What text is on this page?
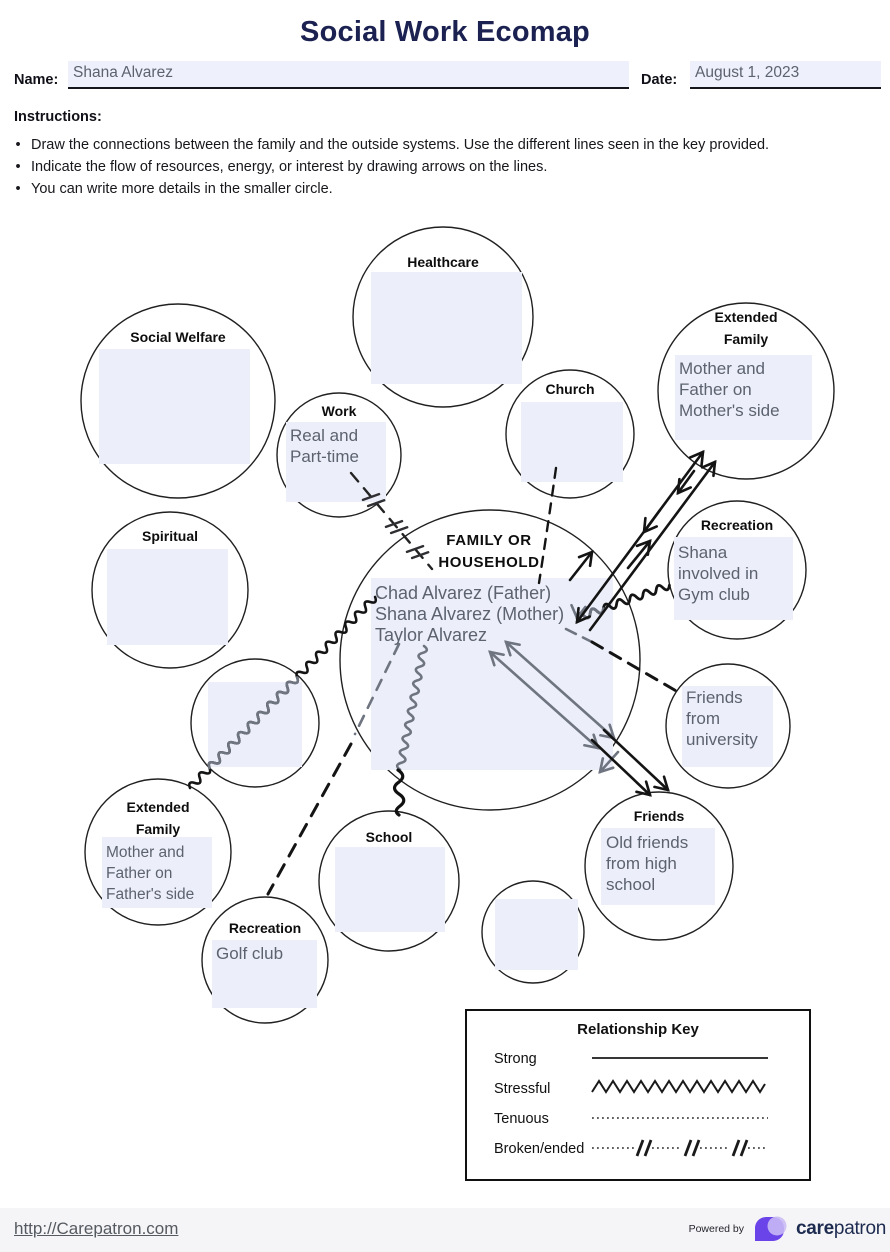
Social Work Ecomap
Name: Shana Alvarez	Date:	August 1, 2023
Instructions:
• Draw the connections between the family and the outside systems. Use the different lines seen in the key provided.
• Indicate the flow of resources, energy, or interest by drawing arrows on the lines.
• You can write more details in the smaller circle.
Healthcare
Social Welfare
Work
Church
Extended
Family
Recreation
Spiritual
Extended
Family	School
Recreation
Friends
FAMILY OR
HOUSEHOLD
Chad Alvarez (Father)
Shana Alvarez (Mother)
Taylor Alvarez
Real and
Part-time
Mother and
Father on
Mother's side
Shana
involved in
Gym club
Friends
from
university
Mother and
Father on
Father's side
Golf club
Old friends
from high
school
Relationship Key
Strong
Stressful
Tenuous
Broken/ended
http://Carepatron.com	Powered by	carepatron
